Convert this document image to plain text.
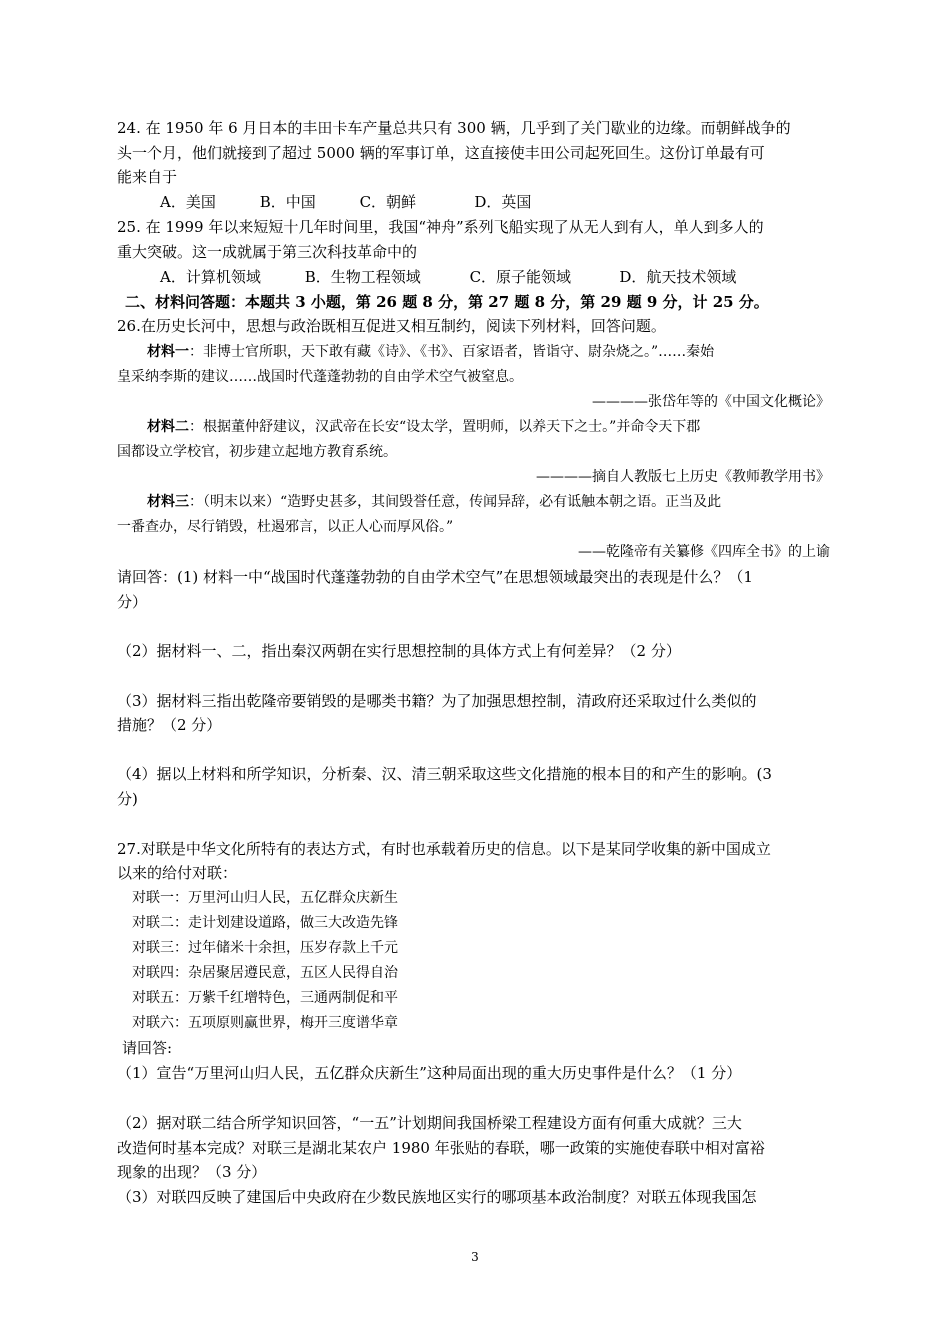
24. 在 1950 年 6 月日本的丰田卡车产量总共只有 300 辆，几乎到了关门歇业的边缘。而朝鲜战争的
头一个月，他们就接到了超过 5000 辆的军事订单，这直接使丰田公司起死回生。这份订单最有可
能来自于
A．美国	B．中国	C．朝鲜	D．英国
25. 在 1999 年以来短短十几年时间里，我国“神舟”系列飞船实现了从无人到有人，单人到多人的
重大突破。这一成就属于第三次科技革命中的
A．计算机领域	B．生物工程领域	C．原子能领域	D．航天技术领域
二、材料问答题：本题共 3 小题，第 26 题 8 分，第 27 题 8 分，第 29 题 9 分，计 25 分。
26.在历史长河中，思想与政治既相互促进又相互制约，阅读下列材料，回答问题。
材料一：非博士官所职，天下敢有藏《诗》、《书》、百家语者，皆诣守、尉杂烧之。”……秦始
皇采纳李斯的建议……战国时代蓬蓬勃勃的自由学术空气被窒息。
————张岱年等的《中国文化概论》
材料二：根据董仲舒建议，汉武帝在长安“设太学，置明师，以养天下之士。”并命令天下郡
国都设立学校官，初步建立起地方教育系统。
————摘自人教版七上历史《教师教学用书》
材料三：（明末以来）“造野史甚多，其间毁誉任意，传闻异辞，必有诋触本朝之语。正当及此
一番查办，尽行销毁，杜遏邪言，以正人心而厚风俗。”
——乾隆帝有关纂修《四库全书》的上谕
请回答：(1) 材料一中“战国时代蓬蓬勃勃的自由学术空气”在思想领域最突出的表现是什么？（1
分）
（2）据材料一、二，指出秦汉两朝在实行思想控制的具体方式上有何差异？（2 分）
（3）据材料三指出乾隆帝要销毁的是哪类书籍？为了加强思想控制，清政府还采取过什么类似的
措施？（2 分）
（4）据以上材料和所学知识，分析秦、汉、清三朝采取这些文化措施的根本目的和产生的影响。(3
分)
27.对联是中华文化所特有的表达方式，有时也承载着历史的信息。以下是某同学收集的新中国成立
以来的给付对联：
对联一：万里河山归人民，五亿群众庆新生
对联二：走计划建设道路，做三大改造先锋
对联三：过年储米十余担，压岁存款上千元
对联四：杂居聚居遵民意，五区人民得自治
对联五：万紫千红增特色，三通两制促和平
对联六：五项原则赢世界，梅开三度谱华章
请回答:
（1）宣告“万里河山归人民，五亿群众庆新生”这种局面出现的重大历史事件是什么？（1 分）
（2）据对联二结合所学知识回答，“一五”计划期间我国桥梁工程建设方面有何重大成就？三大
改造何时基本完成？对联三是湖北某农户 1980 年张贴的春联，哪一政策的实施使春联中相对富裕
现象的出现？（3 分）
（3）对联四反映了建国后中央政府在少数民族地区实行的哪项基本政治制度？对联五体现我国怎
3
